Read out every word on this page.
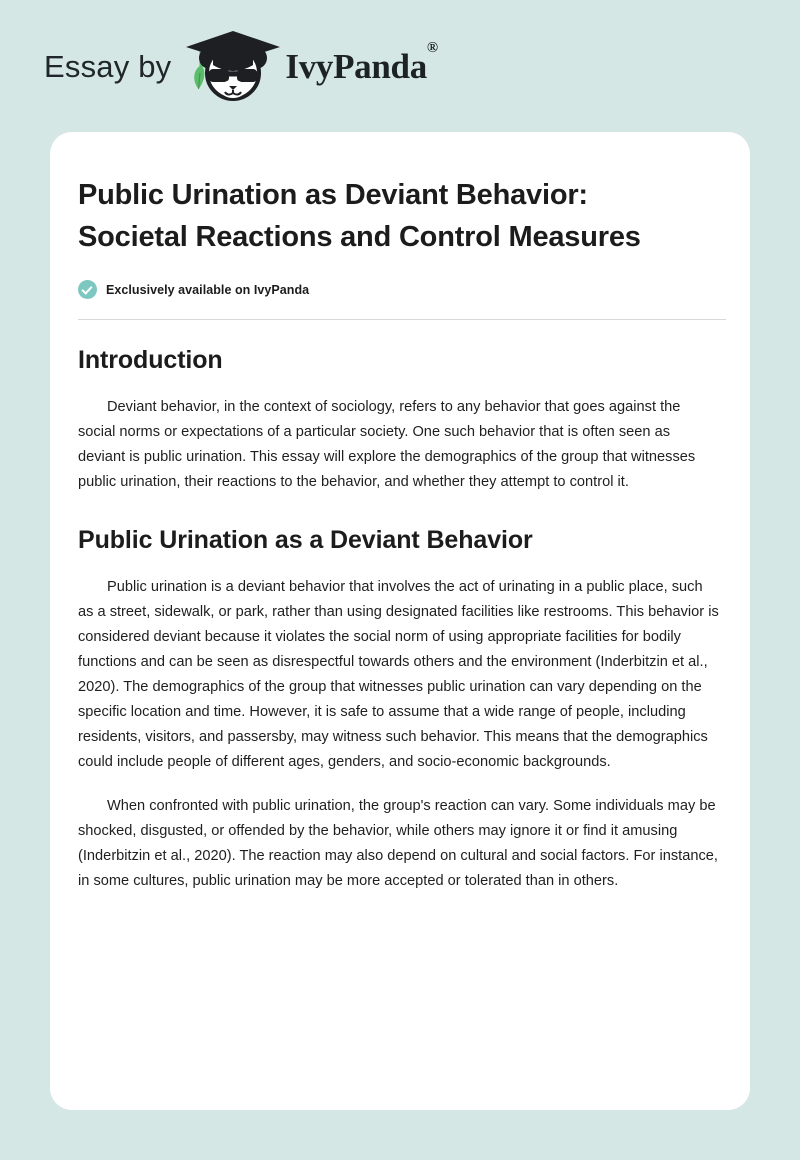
Essay by	IvyPanda®
Public Urination as Deviant Behavior: Societal Reactions and Control Measures
Exclusively available on IvyPanda
Introduction

Deviant behavior, in the context of sociology, refers to any behavior that goes against the social norms or expectations of a particular society. One such behavior that is often seen as deviant is public urination. This essay will explore the demographics of the group that witnesses public urination, their reactions to the behavior, and whether they attempt to control it.

Public Urination as a Deviant Behavior

Public urination is a deviant behavior that involves the act of urinating in a public place, such as a street, sidewalk, or park, rather than using designated facilities like restrooms. This behavior is considered deviant because it violates the social norm of using appropriate facilities for bodily functions and can be seen as disrespectful towards others and the environment (Inderbitzin et al., 2020). The demographics of the group that witnesses public urination can vary depending on the specific location and time. However, it is safe to assume that a wide range of people, including residents, visitors, and passersby, may witness such behavior. This means that the demographics could include people of different ages, genders, and socio-economic backgrounds.

When confronted with public urination, the group's reaction can vary. Some individuals may be shocked, disgusted, or offended by the behavior, while others may ignore it or find it amusing (Inderbitzin et al., 2020). The reaction may also depend on cultural and social factors. For instance, in some cultures, public urination may be more accepted or tolerated than in others.
